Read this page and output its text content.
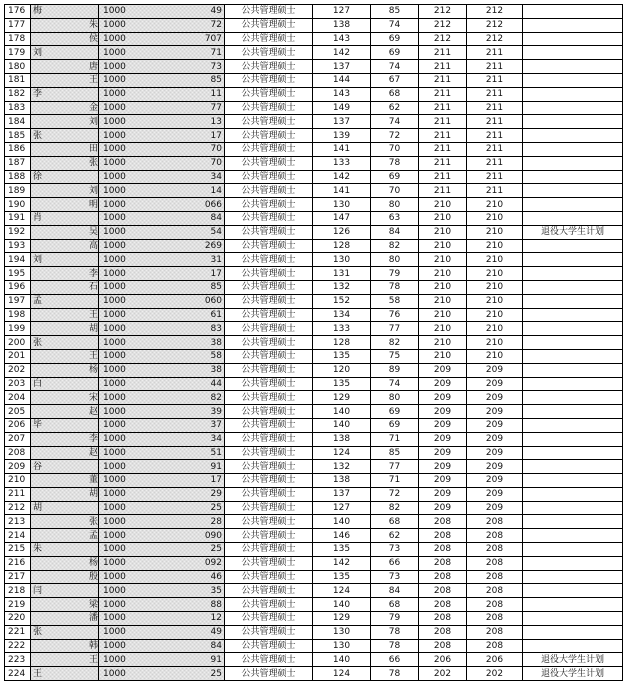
176	梅	1000 49	公共管理硕士	127	85	212	212	
177	朱	1000 72	公共管理硕士	138	74	212	212	
178	侯	1000 707	公共管理硕士	143	69	212	212	
179	刘	1000 71	公共管理硕士	142	69	211	211	
180	唐	1000 73	公共管理硕士	137	74	211	211	
181	王	1000 85	公共管理硕士	144	67	211	211	
182	李	1000 11	公共管理硕士	143	68	211	211	
183	金	1000 77	公共管理硕士	149	62	211	211	
184	刘	1000 13	公共管理硕士	137	74	211	211	
185	张	1000 17	公共管理硕士	139	72	211	211	
186	田	1000 70	公共管理硕士	141	70	211	211	
187	张	1000 70	公共管理硕士	133	78	211	211	
188	徐	1000 34	公共管理硕士	142	69	211	211	
189	刘	1000 14	公共管理硕士	141	70	211	211	
190	明	1000 066	公共管理硕士	130	80	210	210	
191	肖	1000 84	公共管理硕士	147	63	210	210	
192	吴	1000 54	公共管理硕士	126	84	210	210	退役大学生计划
193	高	1000 269	公共管理硕士	128	82	210	210	
194	刘	1000 31	公共管理硕士	130	80	210	210	
195	李	1000 17	公共管理硕士	131	79	210	210	
196	石	1000 85	公共管理硕士	132	78	210	210	
197	孟	1000 060	公共管理硕士	152	58	210	210	
198	王	1000 61	公共管理硕士	134	76	210	210	
199	胡	1000 83	公共管理硕士	133	77	210	210	
200	张	1000 38	公共管理硕士	128	82	210	210	
201	王	1000 58	公共管理硕士	135	75	210	210	
202	杨	1000 38	公共管理硕士	120	89	209	209	
203	白	1000 44	公共管理硕士	135	74	209	209	
204	宋	1000 82	公共管理硕士	129	80	209	209	
205	赵	1000 39	公共管理硕士	140	69	209	209	
206	毕	1000 37	公共管理硕士	140	69	209	209	
207	李	1000 34	公共管理硕士	138	71	209	209	
208	赵	1000 51	公共管理硕士	124	85	209	209	
209	谷	1000 91	公共管理硕士	132	77	209	209	
210	董	1000 17	公共管理硕士	138	71	209	209	
211	胡	1000 29	公共管理硕士	137	72	209	209	
212	胡	1000 25	公共管理硕士	127	82	209	209	
213	张	1000 28	公共管理硕士	140	68	208	208	
214	孟	1000 090	公共管理硕士	146	62	208	208	
215	朱	1000 25	公共管理硕士	135	73	208	208	
216	杨	1000 092	公共管理硕士	142	66	208	208	
217	殷	1000 46	公共管理硕士	135	73	208	208	
218	闫	1000 35	公共管理硕士	124	84	208	208	
219	梁	1000 88	公共管理硕士	140	68	208	208	
220	潘	1000 12	公共管理硕士	129	79	208	208	
221	张	1000 49	公共管理硕士	130	78	208	208	
222	韩	1000 84	公共管理硕士	130	78	208	208	
223	王	1000 91	公共管理硕士	140	66	206	206	退役大学生计划
224	王	1000 25	公共管理硕士	124	78	202	202	退役大学生计划
